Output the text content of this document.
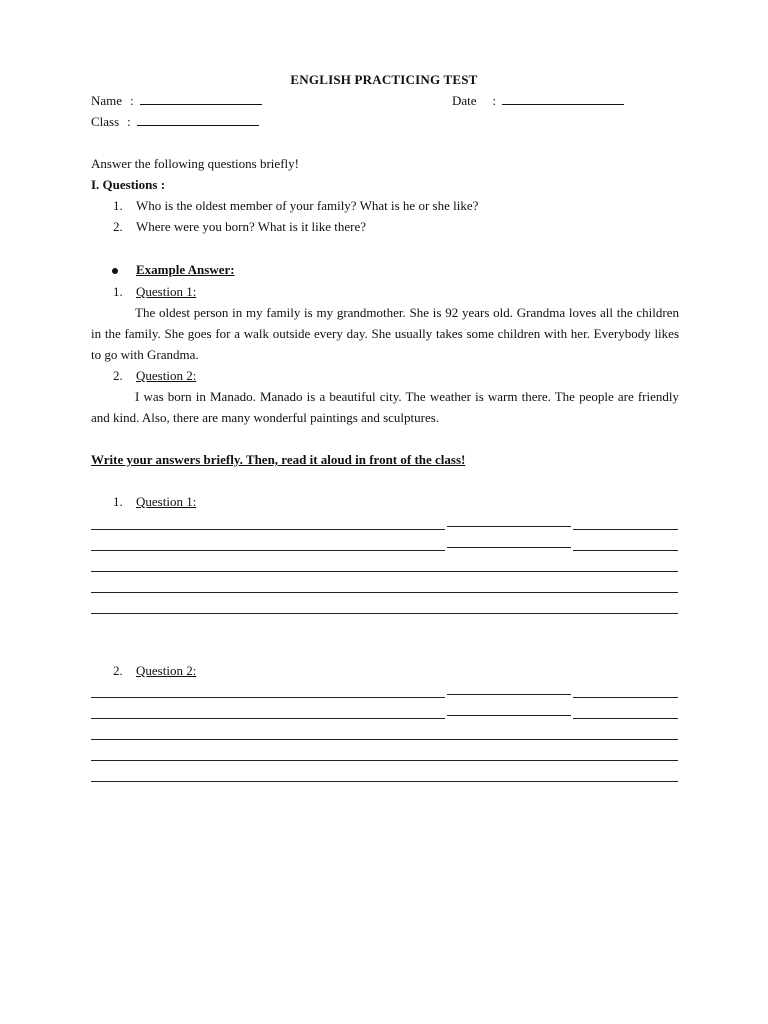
ENGLISH PRACTICING TEST
Name :	Date :
Class :
Answer the following questions briefly!
I. Questions :
1. Who is the oldest member of your family? What is he or she like?
2. Where were you born? What is it like there?
Example Answer:
1. Question 1:
The oldest person in my family is my grandmother. She is 92 years old. Grandma loves all the children in the family. She goes for a walk outside every day. She usually takes some children with her. Everybody likes to go with Grandma.
2. Question 2:
I was born in Manado. Manado is a beautiful city. The weather is warm there. The people are friendly and kind. Also, there are many wonderful paintings and sculptures.
Write your answers briefly. Then, read it aloud in front of the class!
1. Question 1:
2. Question 2:
